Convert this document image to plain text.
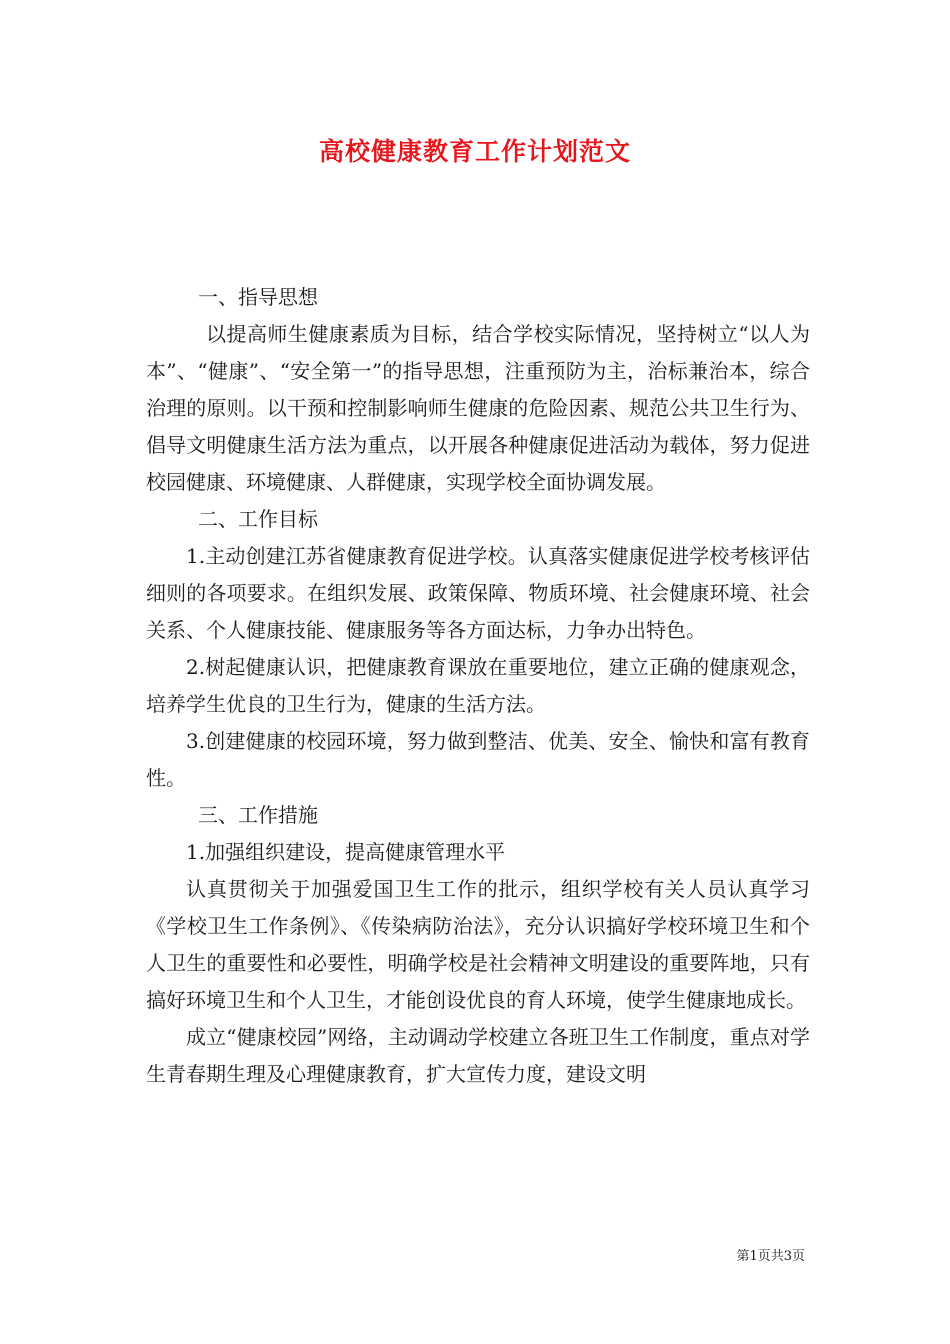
高校健康教育工作计划范文

一、指导思想

以提高师生健康素质为目标，结合学校实际情况，坚持树立“以人为本”、“健康”、“安全第一”的指导思想，注重预防为主，治标兼治本，综合治理的原则。以干预和控制影响师生健康的危险因素、规范公共卫生行为、倡导文明健康生活方法为重点，以开展各种健康促进活动为载体，努力促进校园健康、环境健康、人群健康，实现学校全面协调发展。

二、工作目标

1.主动创建江苏省健康教育促进学校。认真落实健康促进学校考核评估细则的各项要求。在组织发展、政策保障、物质环境、社会健康环境、社会关系、个人健康技能、健康服务等各方面达标，力争办出特色。

2.树起健康认识，把健康教育课放在重要地位，建立正确的健康观念，培养学生优良的卫生行为，健康的生活方法。

3.创建健康的校园环境，努力做到整洁、优美、安全、愉快和富有教育性。

三、工作措施

1.加强组织建设，提高健康管理水平

认真贯彻关于加强爱国卫生工作的批示，组织学校有关人员认真学习《学校卫生工作条例》、《传染病防治法》，充分认识搞好学校环境卫生和个人卫生的重要性和必要性，明确学校是社会精神文明建设的重要阵地，只有搞好环境卫生和个人卫生，才能创设优良的育人环境，使学生健康地成长。

成立“健康校园”网络，主动调动学校建立各班卫生工作制度，重点对学生青春期生理及心理健康教育，扩大宣传力度，建设文明

第1页共3页
